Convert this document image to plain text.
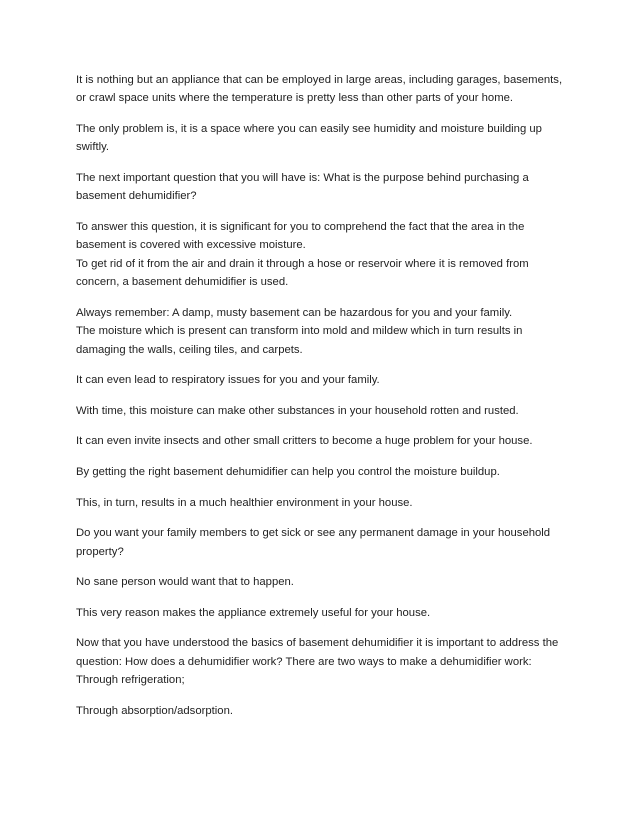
It is nothing but an appliance that can be employed in large areas, including garages, basements, or crawl space units where the temperature is pretty less than other parts of your home.

The only problem is, it is a space where you can easily see humidity and moisture building up swiftly.

The next important question that you will have is: What is the purpose behind purchasing a basement dehumidifier?

To answer this question, it is significant for you to comprehend the fact that the area in the basement is covered with excessive moisture.
To get rid of it from the air and drain it through a hose or reservoir where it is removed from concern, a basement dehumidifier is used.

Always remember: A damp, musty basement can be hazardous for you and your family.
The moisture which is present can transform into mold and mildew which in turn results in damaging the walls, ceiling tiles, and carpets.

It can even lead to respiratory issues for you and your family.

With time, this moisture can make other substances in your household rotten and rusted.

It can even invite insects and other small critters to become a huge problem for your house.

By getting the right basement dehumidifier can help you control the moisture buildup.

This, in turn, results in a much healthier environment in your house.

Do you want your family members to get sick or see any permanent damage in your household property?

No sane person would want that to happen.

This very reason makes the appliance extremely useful for your house.

Now that you have understood the basics of basement dehumidifier it is important to address the question: How does a dehumidifier work? There are two ways to make a dehumidifier work:
Through refrigeration;

Through absorption/adsorption.
